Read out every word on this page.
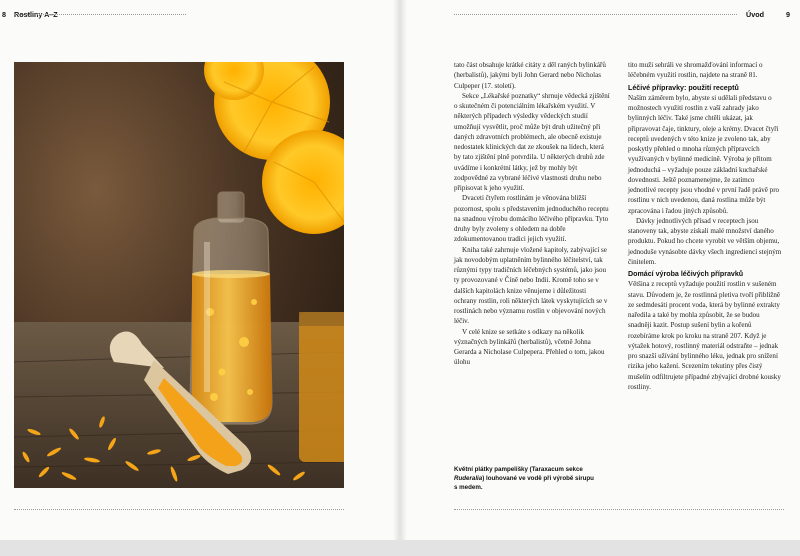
8 Rostliny A–Z	Úvod	9

tato část obsahuje krátké citáty z děl raných bylinkářů (herbalistů), jakými byli John Gerard nebo Nicholas Culpeper (17. století).

Sekce „Lékařské poznatky“ shrnuje vědecká zjištění o skutečném či potenciálním lékařském využití. V některých případech výsledky vědeckých studií umožňují vysvětlit, proč může být druh užitečný při daných zdravotních problémech, ale obecně existuje nedostatek klinických dat ze zkoušek na lidech, která by tato zjištění plně potvrdila. U některých druhů zde uvádíme i konkrétní látky, jež by mohly být zodpovědné za vybrané léčivé vlastnosti druhu nebo připisovat k jeho využití.

Dvaceti čtyřem rostlinám je věnována bližší pozornost, spolu s představením jednoduchého receptu na snadnou výrobu domácího léčivého přípravku. Tyto druhy byly zvoleny s ohledem na dobře zdokumentovanou tradici jejich využití.

Kniha také zahrnuje vložené kapitoly, zabývající se jak novodobým uplatněním bylinného léčitelství, tak různými typy tradičních léčebných systémů, jako jsou ty provozované v Číně nebo Indii. Kromě toho se v dalších kapitolách knize věnujeme i důležitosti ochrany rostlin, roli některých látek vyskytujících se v rostlinách nebo významu rostlin v objevování nových léčiv.

V celé knize se setkáte s odkazy na několik význačných bylinkářů (herbalistů), včetně Johna Gerarda a Nicholase Culpepera. Přehled o tom, jakou úlohu

tito muži sehráli ve shromažďování informací o léčebném využití rostlin, najdete na straně 81.

Léčivé přípravky: použití receptů

Naším záměrem bylo, abyste si udělali představu o možnostech využití rostlin z vaší zahrady jako bylinných léčiv. Také jsme chtěli ukázat, jak připravovat čaje, tinktury, oleje a krémy. Dvacet čtyři receptů uvedených v této knize je zvoleno tak, aby poskytly přehled o mnoha různých přípravcích využívaných v bylinné medicíně. Výroba je přitom jednoduchá – vyžaduje pouze základní kuchařské dovednosti. Ještě poznamenejme, že zatímco jednotlivé recepty jsou vhodné v první řadě právě pro rostlinu v nich uvedenou, daná rostlina může být zpracována i řadou jiných způsobů.

Dávky jednotlivých přísad v receptech jsou stanoveny tak, abyste získali malé množství daného produktu. Pokud ho chcete vyrobit ve větším objemu, jednoduše vynásobte dávky všech ingrediencí stejným činitelem.

Domácí výroba léčivých přípravků

Většina z receptů vyžaduje použití rostlin v sušeném stavu. Důvodem je, že rostlinná pletiva tvoří přibližně ze sedmdesáti procent voda, která by bylinné extrakty naředila a také by mohla způsobit, že se budou snadněji kazit. Postup sušení bylin a kořenů rozebíráme krok po kroku na straně 207. Když je výtažek hotový, rostlinný materiál odstraňte – jednak pro snazší užívání bylinného léku, jednak pro snížení rizika jeho kažení. Scezením tekutiny přes čistý mušelín odfiltrujete případné zbývající drobné kousky rostliny.

Květní plátky pampelišky (Taraxacum sekce Ruderalia) louhované ve vodě při výrobě sirupu s medem.
